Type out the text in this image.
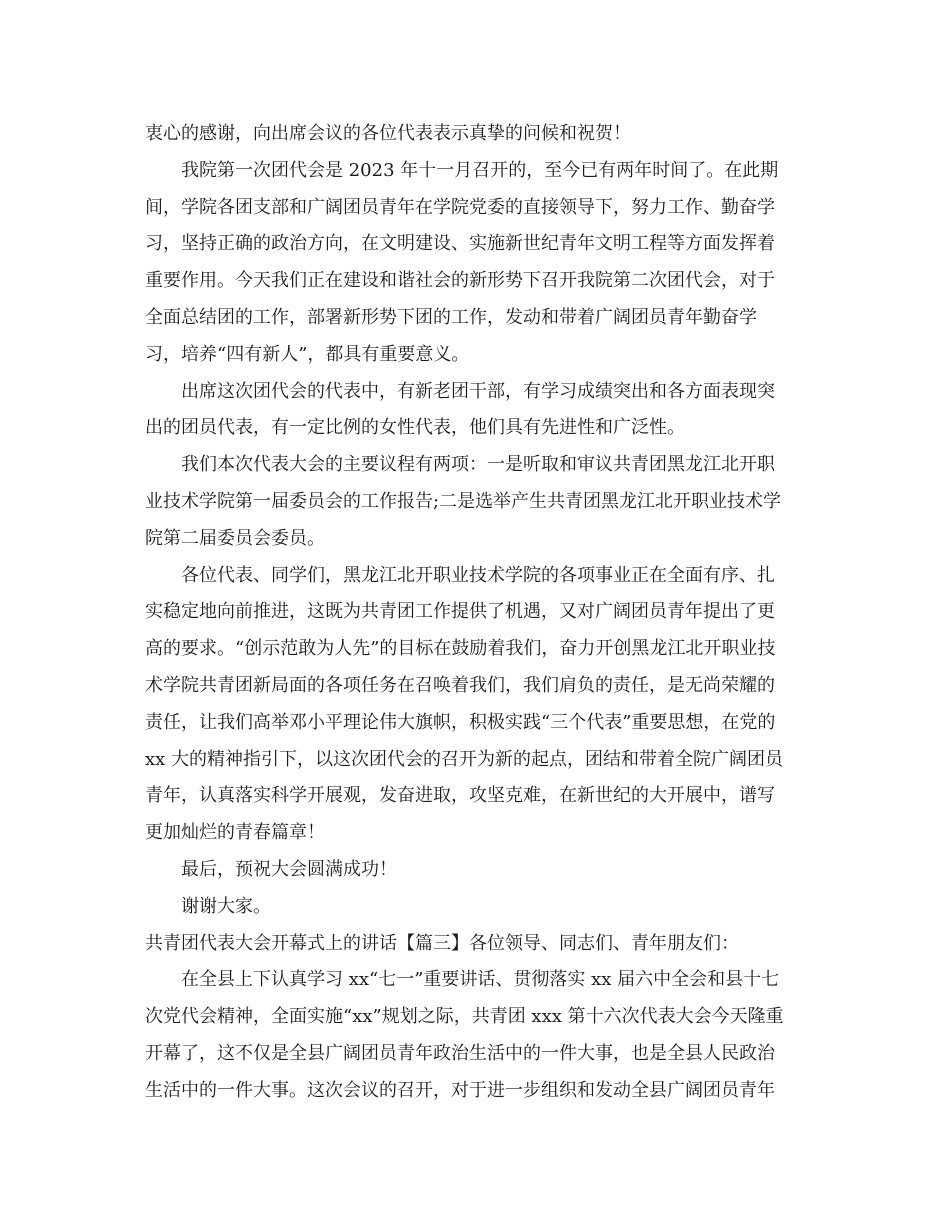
衷心的感谢，向出席会议的各位代表表示真挚的问候和祝贺！
我院第一次团代会是 2023 年十一月召开的，至今已有两年时间了。在此期
间，学院各团支部和广阔团员青年在学院党委的直接领导下，努力工作、勤奋学
习，坚持正确的政治方向，在文明建设、实施新世纪青年文明工程等方面发挥着
重要作用。今天我们正在建设和谐社会的新形势下召开我院第二次团代会，对于
全面总结团的工作，部署新形势下团的工作，发动和带着广阔团员青年勤奋学
习，培养“四有新人”，都具有重要意义。
出席这次团代会的代表中，有新老团干部，有学习成绩突出和各方面表现突
出的团员代表，有一定比例的女性代表，他们具有先进性和广泛性。
我们本次代表大会的主要议程有两项：一是听取和审议共青团黑龙江北开职
业技术学院第一届委员会的工作报告;二是选举产生共青团黑龙江北开职业技术学
院第二届委员会委员。
各位代表、同学们，黑龙江北开职业技术学院的各项事业正在全面有序、扎
实稳定地向前推进，这既为共青团工作提供了机遇，又对广阔团员青年提出了更
高的要求。“创示范敢为人先”的目标在鼓励着我们，奋力开创黑龙江北开职业技
术学院共青团新局面的各项任务在召唤着我们，我们肩负的责任，是无尚荣耀的
责任，让我们高举邓小平理论伟大旗帜，积极实践“三个代表”重要思想，在党的
xx 大的精神指引下，以这次团代会的召开为新的起点，团结和带着全院广阔团员
青年，认真落实科学开展观，发奋进取，攻坚克难，在新世纪的大开展中，谱写
更加灿烂的青春篇章！
最后，预祝大会圆满成功！
谢谢大家。
共青团代表大会开幕式上的讲话【篇三】各位领导、同志们、青年朋友们：
在全县上下认真学习 xx“七一”重要讲话、贯彻落实 xx 届六中全会和县十七
次党代会精神，全面实施“xx”规划之际，共青团 xxx 第十六次代表大会今天隆重
开幕了，这不仅是全县广阔团员青年政治生活中的一件大事，也是全县人民政治
生活中的一件大事。这次会议的召开，对于进一步组织和发动全县广阔团员青年
